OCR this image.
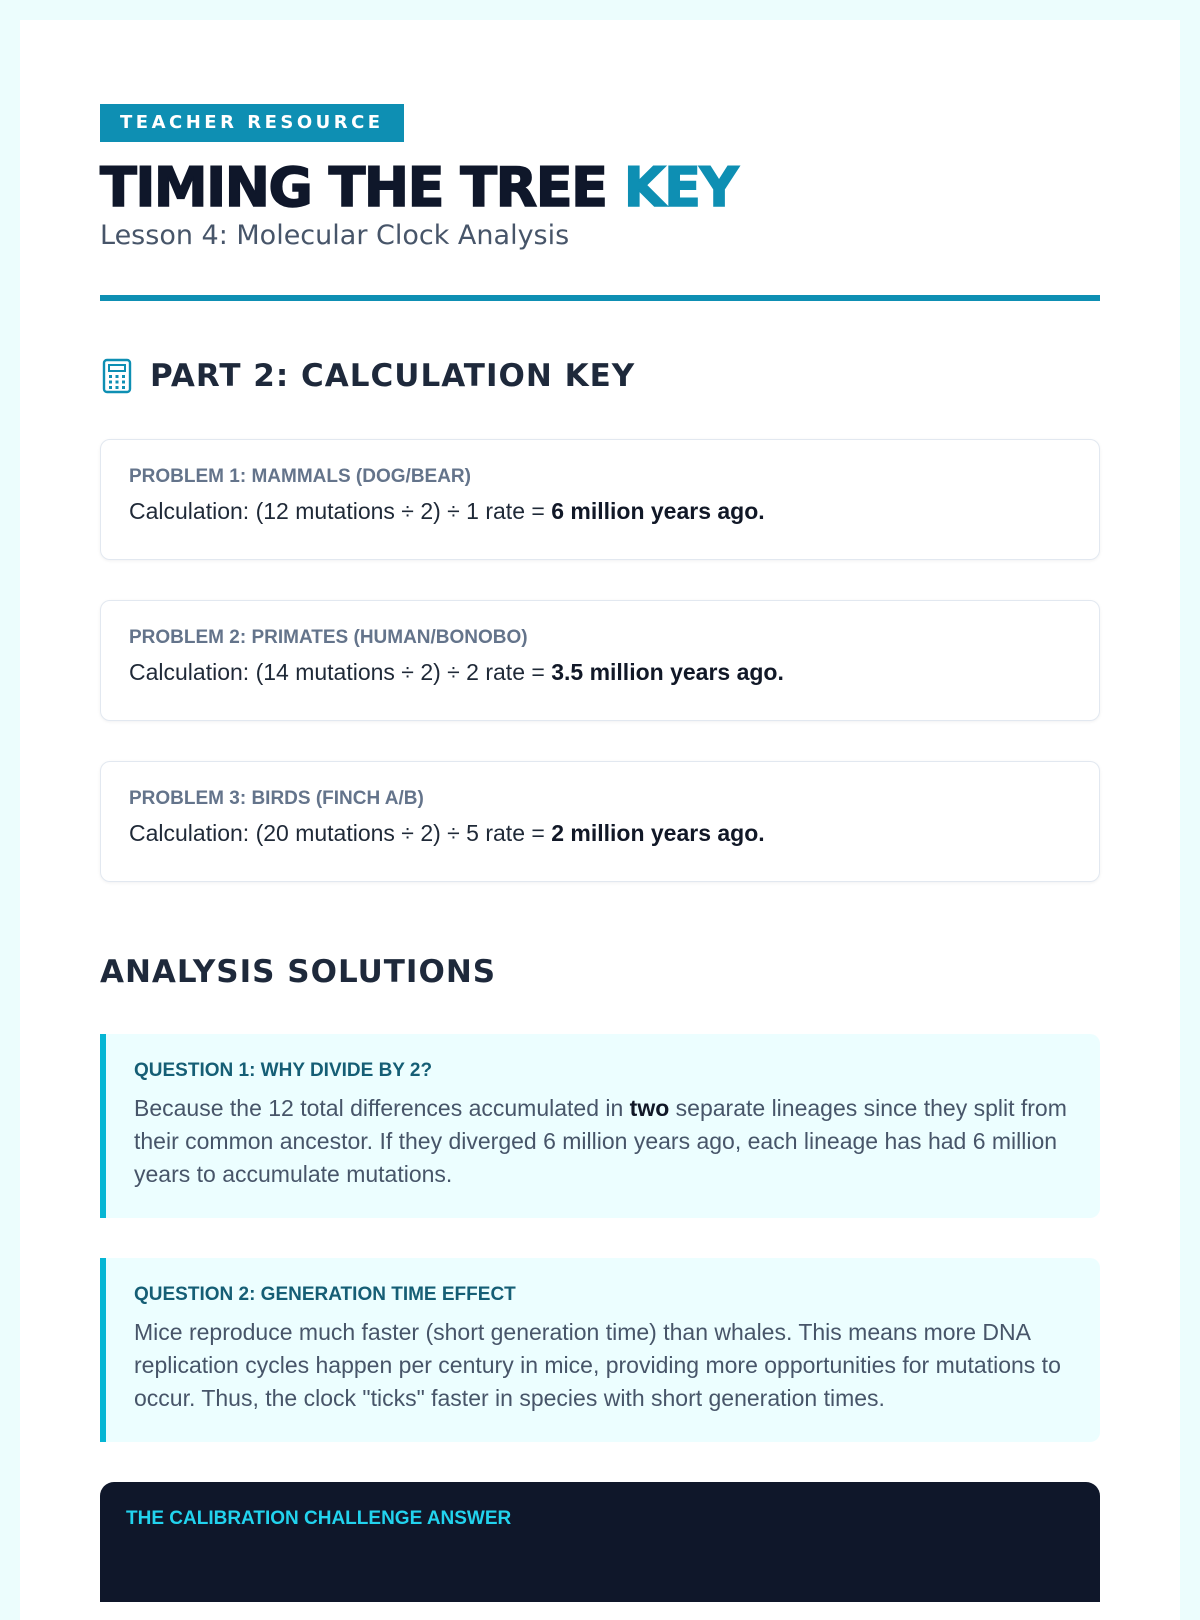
TEACHER RESOURCE
TIMING THE TREE KEY
Lesson 4: Molecular Clock Analysis
PART 2: CALCULATION KEY
PROBLEM 1: MAMMALS (DOG/BEAR)
Calculation: (12 mutations ÷ 2) ÷ 1 rate = 6 million years ago.
PROBLEM 2: PRIMATES (HUMAN/BONOBO)
Calculation: (14 mutations ÷ 2) ÷ 2 rate = 3.5 million years ago.
PROBLEM 3: BIRDS (FINCH A/B)
Calculation: (20 mutations ÷ 2) ÷ 5 rate = 2 million years ago.
ANALYSIS SOLUTIONS
QUESTION 1: WHY DIVIDE BY 2?
Because the 12 total differences accumulated in two separate lineages since they split from their common ancestor. If they diverged 6 million years ago, each lineage has had 6 million years to accumulate mutations.
QUESTION 2: GENERATION TIME EFFECT
Mice reproduce much faster (short generation time) than whales. This means more DNA replication cycles happen per century in mice, providing more opportunities for mutations to occur. Thus, the clock "ticks" faster in species with short generation times.
THE CALIBRATION CHALLENGE ANSWER
